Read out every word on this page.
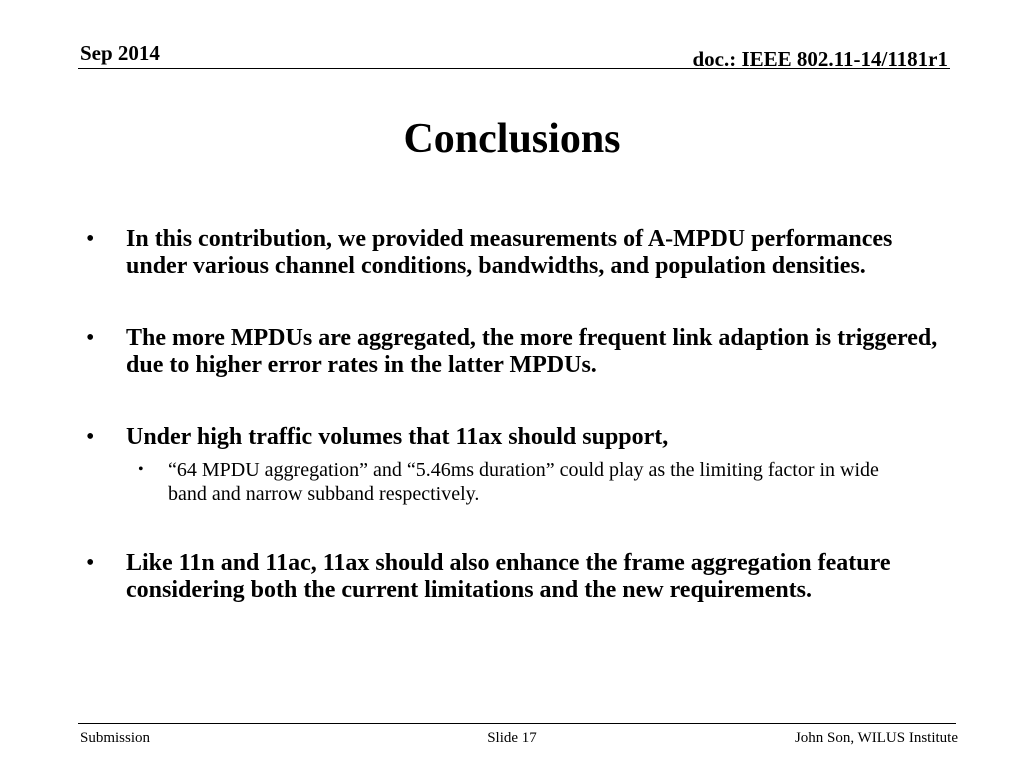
Sep 2014	doc.: IEEE 802.11-14/1181r1
Conclusions
• In this contribution, we provided measurements of A-MPDU performances under various channel conditions, bandwidths, and population densities.
• The more MPDUs are aggregated, the more frequent link adaption is triggered, due to higher error rates in the latter MPDUs.
• Under high traffic volumes that 11ax should support,
• “64 MPDU aggregation” and “5.46ms duration” could play as the limiting factor in wide band and narrow subband respectively.
• Like 11n and 11ac, 11ax should also enhance the frame aggregation feature considering both the current limitations and the new requirements.
Submission	Slide 17	John Son, WILUS Institute
